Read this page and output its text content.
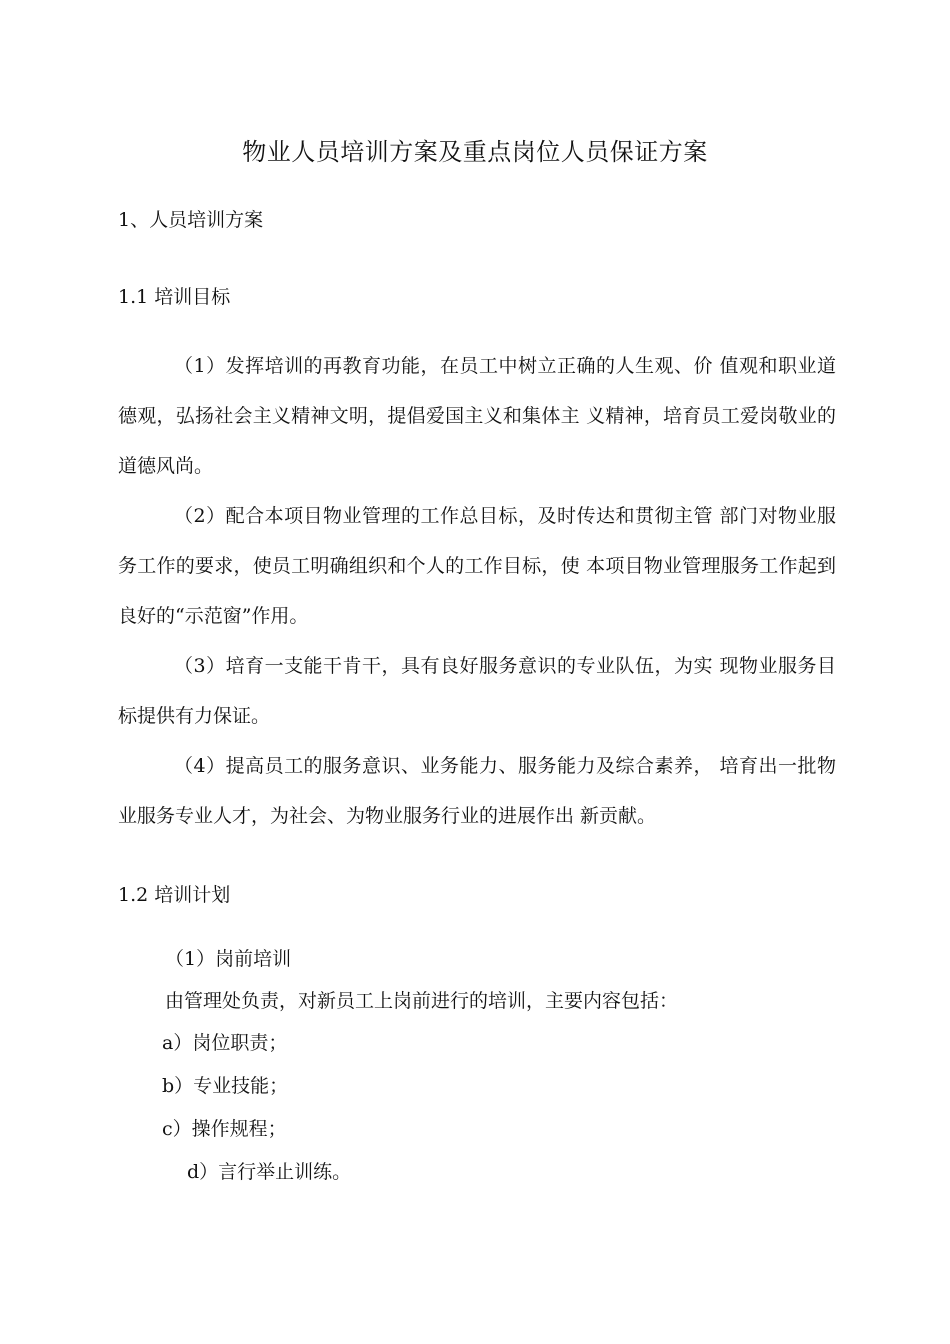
物业人员培训方案及重点岗位人员保证方案
1、人员培训方案
1.1 培训目标

（1）发挥培训的再教育功能，在员工中树立正确的人生观、价 值观和职业道德观，弘扬社会主义精神文明，提倡爱国主义和集体主 义精神，培育员工爱岗敬业的道德风尚。

（2）配合本项目物业管理的工作总目标，及时传达和贯彻主管 部门对物业服务工作的要求，使员工明确组织和个人的工作目标，使 本项目物业管理服务工作起到良好的“示范窗”作用。

（3）培育一支能干肯干，具有良好服务意识的专业队伍，为实 现物业服务目标提供有力保证。

（4）提高员工的服务意识、业务能力、服务能力及综合素养， 培育出一批物业服务专业人才，为社会、为物业服务行业的进展作出 新贡献。

1.2 培训计划
（1）岗前培训
由管理处负责，对新员工上岗前进行的培训，主要内容包括：
a）岗位职责；
b）专业技能；
c）操作规程；
d）言行举止训练。
